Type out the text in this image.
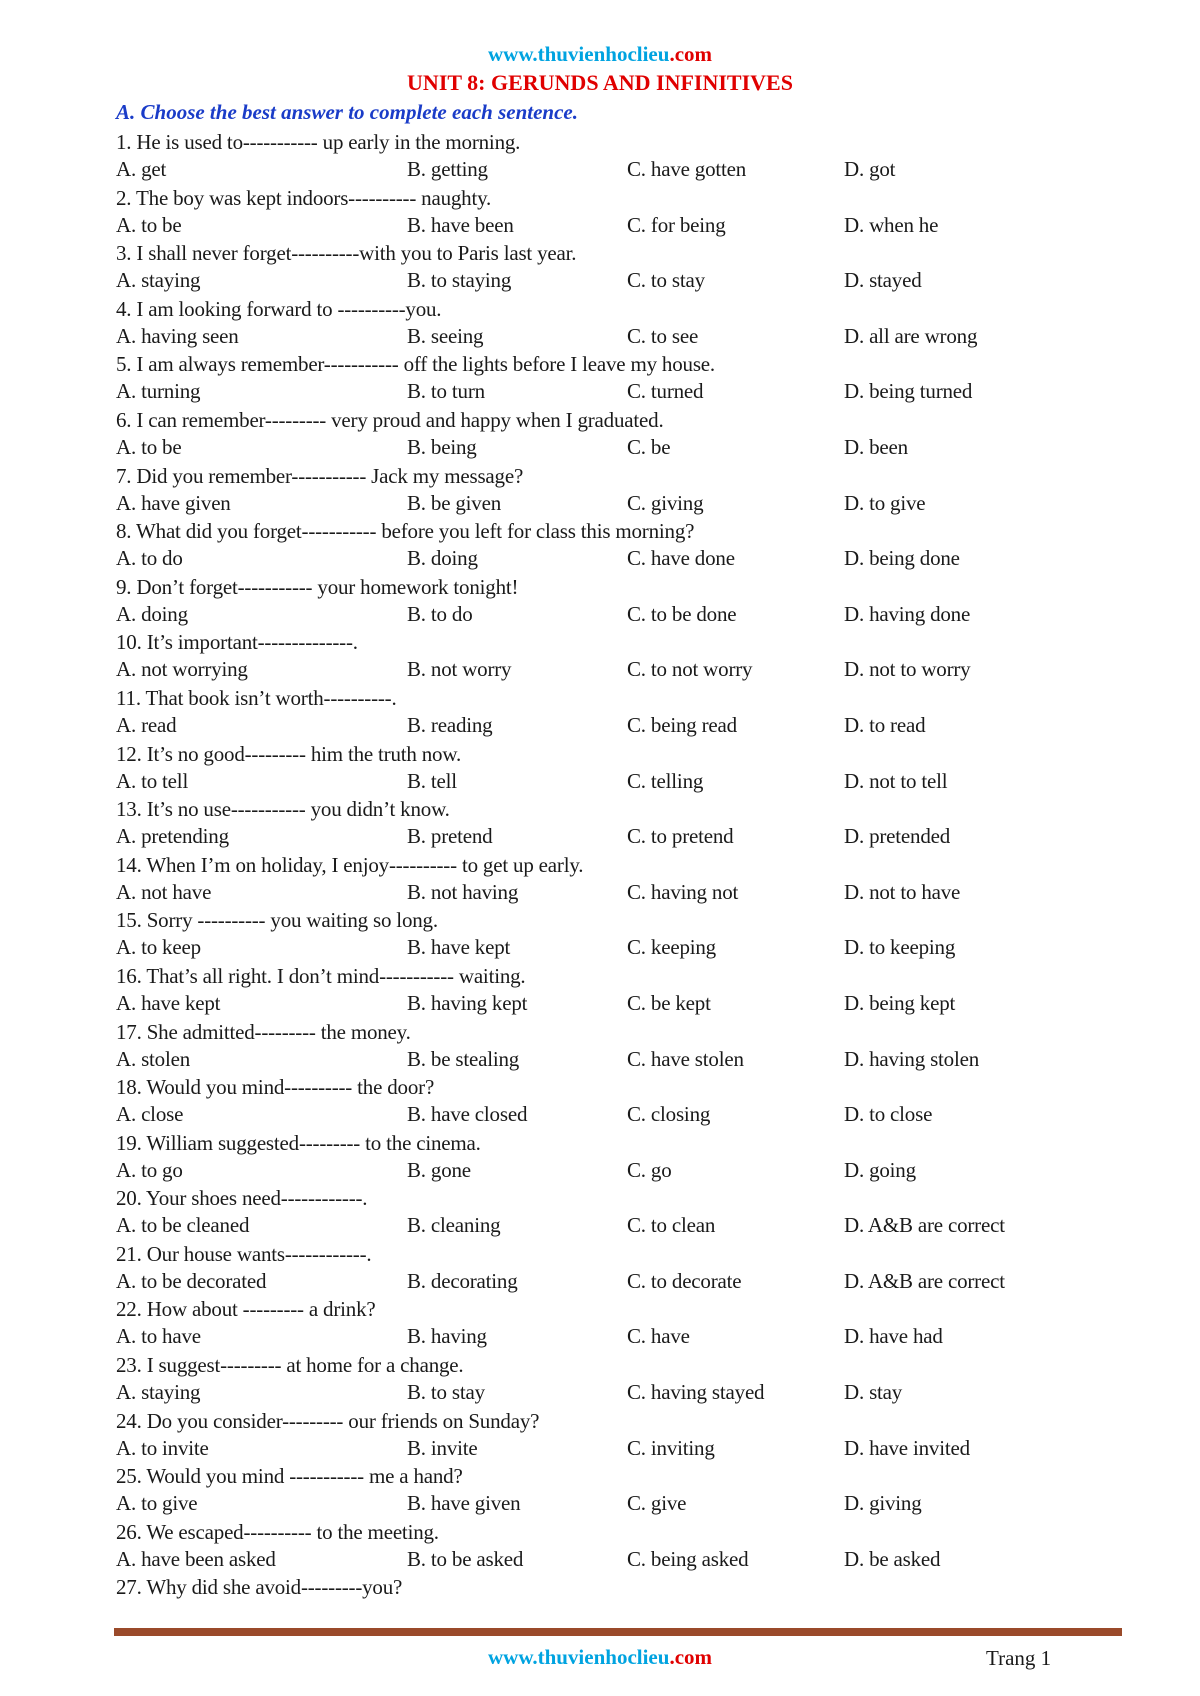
www.thuvienhoclieu.com
UNIT 8: GERUNDS AND INFINITIVES
A. Choose the best answer to complete each sentence.
1. He is used to----------- up early in the morning.
A. get	B. getting	C. have gotten	D. got
2. The boy was kept indoors---------- naughty.
A. to be	B. have been	C. for being	D. when he
3. I shall never forget----------with you to Paris last year.
A. staying	B. to staying	C. to stay	D. stayed
4. I am looking forward to ----------you.
A. having seen	B. seeing	C. to see	D. all are wrong
5. I am always remember----------- off the lights before I leave my house.
A. turning	B. to turn	C. turned	D. being turned
6. I can remember--------- very proud and happy when I graduated.
A. to be	B. being	C. be	D. been
7. Did you remember----------- Jack my message?
A. have given	B. be given	C. giving	D. to give
8. What did you forget----------- before you left for class this morning?
A. to do	B. doing	C. have done	D. being done
9. Don’t forget----------- your homework tonight!
A. doing	B. to do	C. to be done	D. having done
10. It’s important--------------.
A. not worrying	B. not worry	C. to not worry	D. not to worry
11. That book isn’t worth----------.
A. read	B. reading	C. being read	D. to read
12. It’s no good--------- him the truth now.
A. to tell	B. tell	C. telling	D. not to tell
13. It’s no use----------- you didn’t know.
A. pretending	B. pretend	C. to pretend	D. pretended
14. When I’m on holiday, I enjoy---------- to get up early.
A. not have	B. not having	C. having not	D. not to have
15. Sorry ---------- you waiting so long.
A. to keep	B. have kept	C. keeping	D. to keeping
16. That’s all right. I don’t mind----------- waiting.
A. have kept	B. having kept	C. be kept	D. being kept
17. She admitted--------- the money.
A. stolen	B. be stealing	C. have stolen	D. having stolen
18. Would you mind---------- the door?
A. close	B. have closed	C. closing	D. to close
19. William suggested--------- to the cinema.
A. to go	B. gone	C. go	D. going
20. Your shoes need------------.
A. to be cleaned	B. cleaning	C. to clean	D. A&B are correct
21. Our house wants------------.
A. to be decorated	B. decorating	C. to decorate	D. A&B are correct
22. How about --------- a drink?
A. to have	B. having	C. have	D. have had
23. I suggest--------- at home for a change.
A. staying	B. to stay	C. having stayed	D. stay
24. Do you consider--------- our friends on Sunday?
A. to invite	B. invite	C. inviting	D. have invited
25. Would you mind ----------- me a hand?
A. to give	B. have given	C. give	D. giving
26. We escaped---------- to the meeting.
A. have been asked	B. to be asked	C. being asked	D. be asked
27. Why did she avoid---------you?
www.thuvienhoclieu.com	Trang 1
